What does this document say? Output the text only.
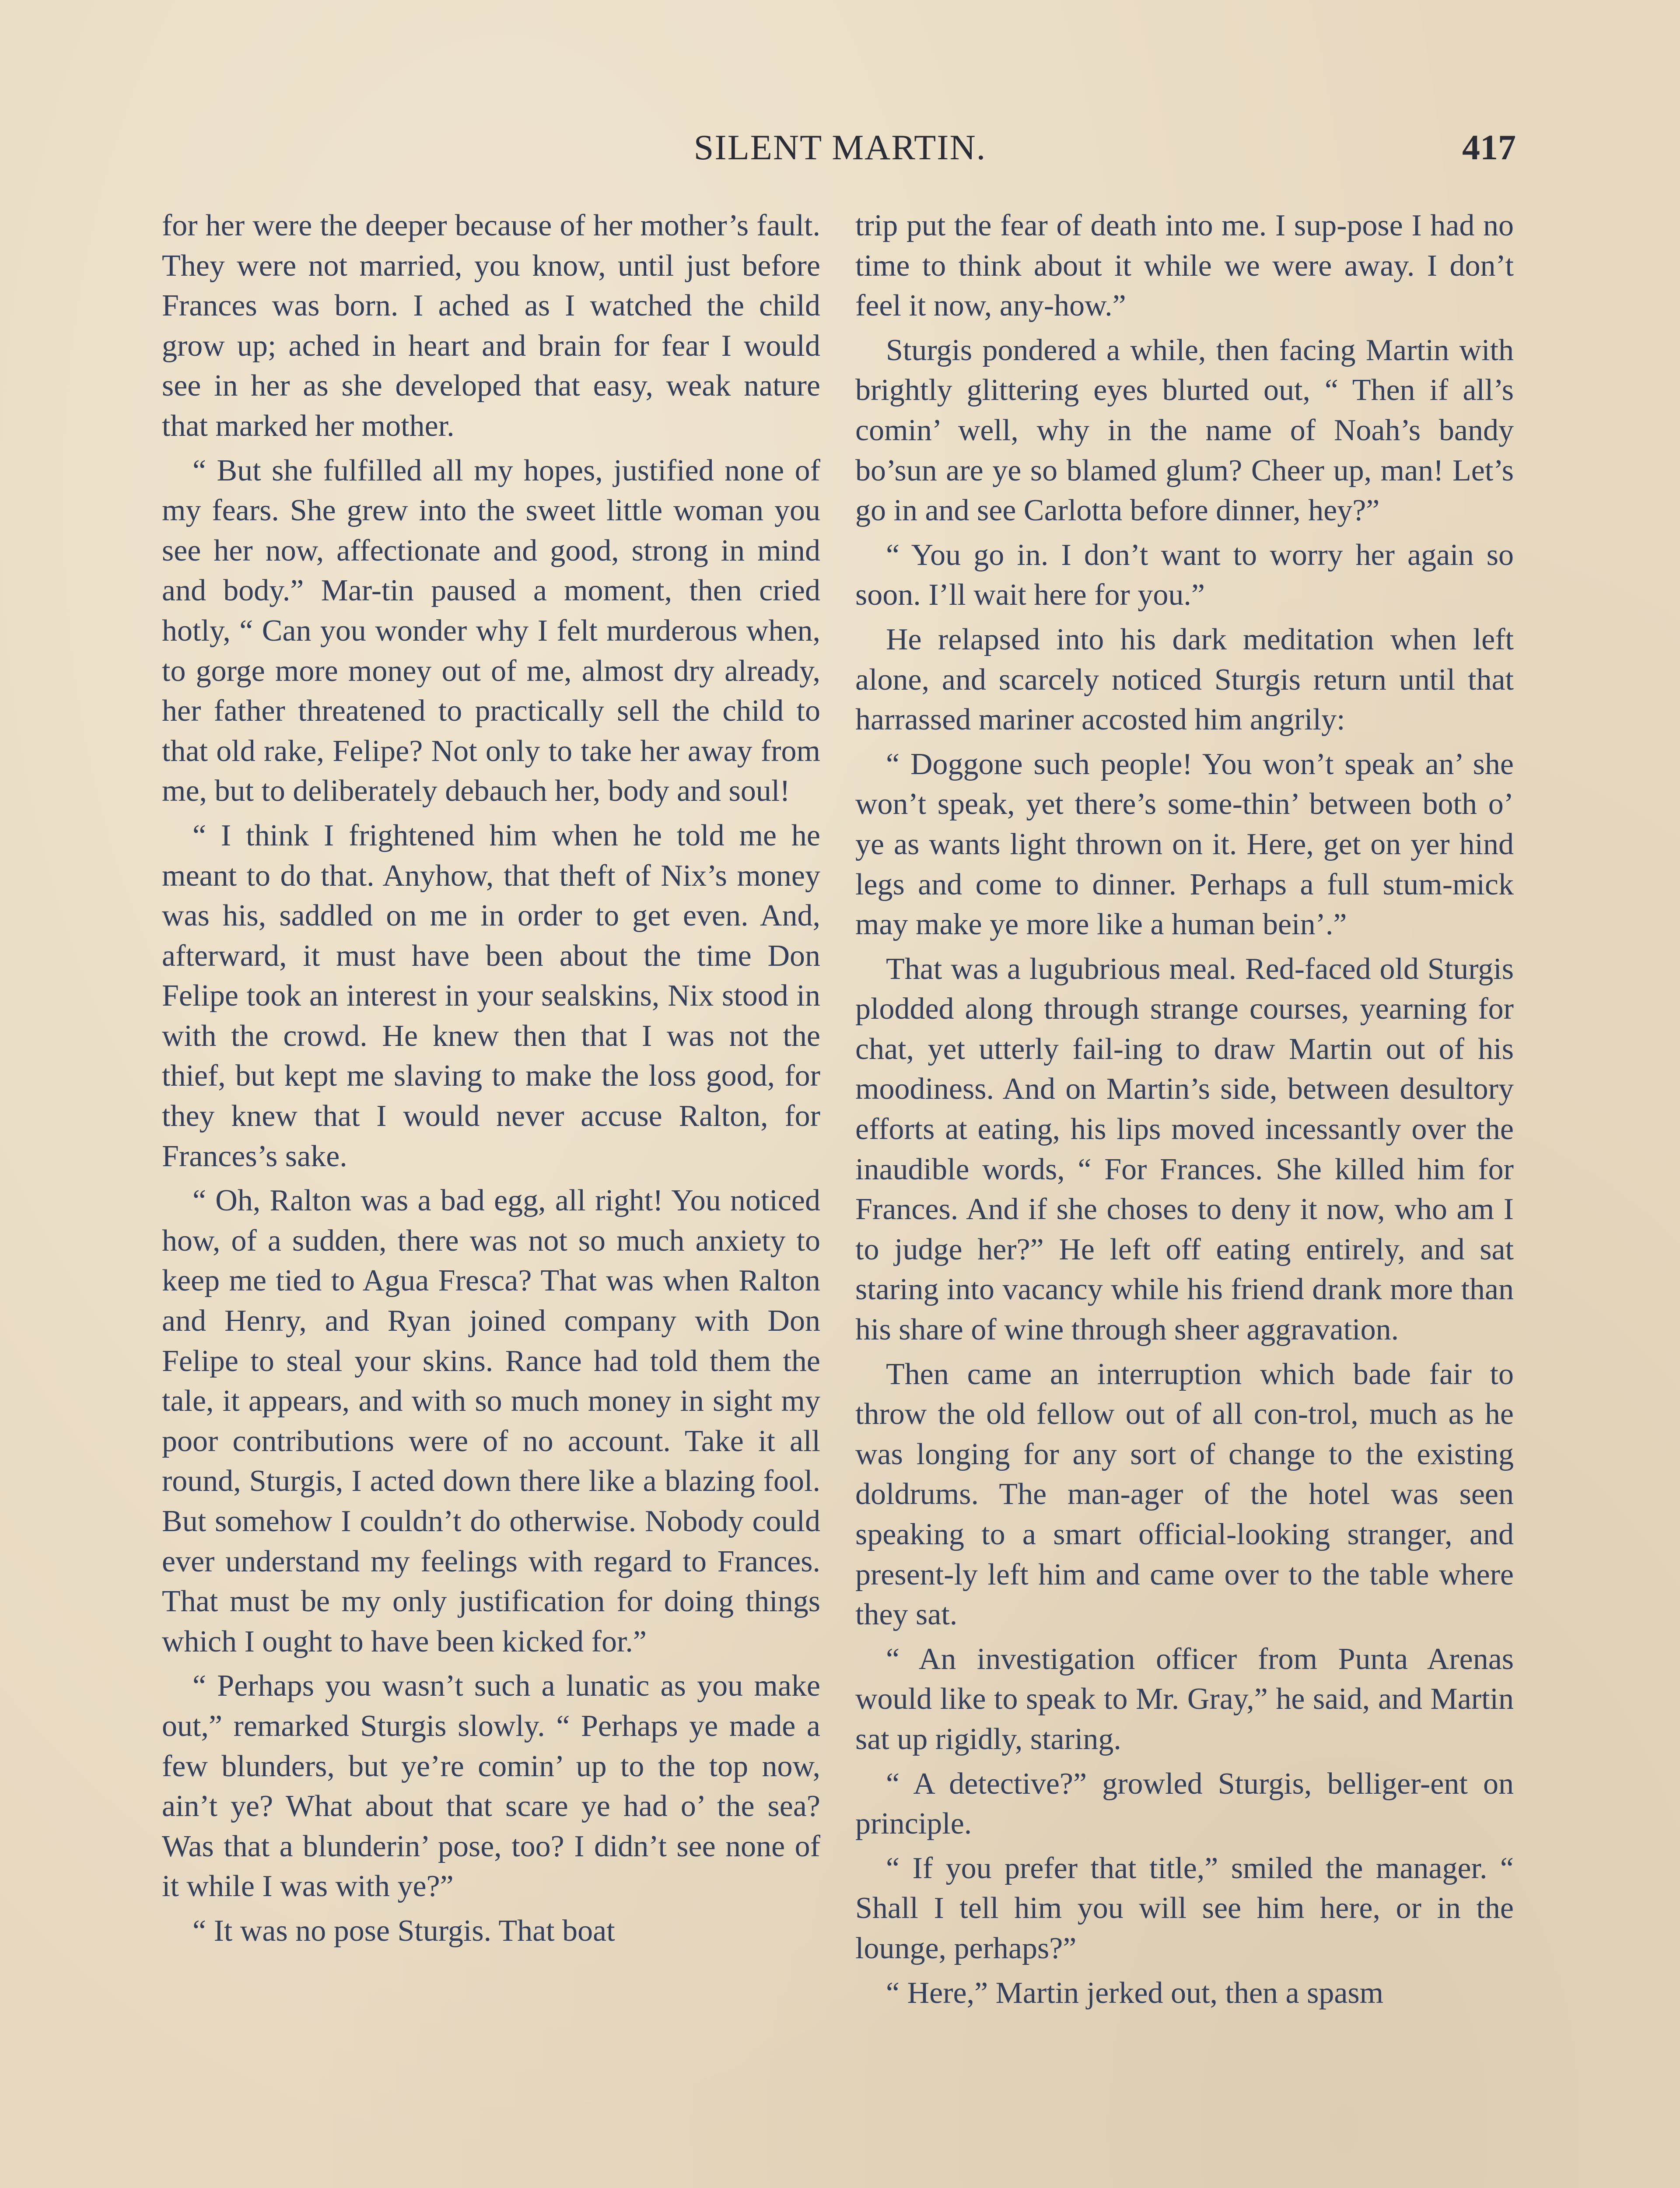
SILENT MARTIN.	417

for her were the deeper because of her mother’s fault. They were not married, you know, until just before Frances was born. I ached as I watched the child grow up; ached in heart and brain for fear I would see in her as she developed that easy, weak nature that marked her mother.

“ But she fulfilled all my hopes, justified none of my fears. She grew into the sweet little woman you see her now, affectionate and good, strong in mind and body.” Mar-tin paused a moment, then cried hotly, “ Can you wonder why I felt murderous when, to gorge more money out of me, almost dry already, her father threatened to practically sell the child to that old rake, Felipe? Not only to take her away from me, but to deliberately debauch her, body and soul!

“ I think I frightened him when he told me he meant to do that. Anyhow, that theft of Nix’s money was his, saddled on me in order to get even. And, afterward, it must have been about the time Don Felipe took an interest in your sealskins, Nix stood in with the crowd. He knew then that I was not the thief, but kept me slaving to make the loss good, for they knew that I would never accuse Ralton, for Frances’s sake.

“ Oh, Ralton was a bad egg, all right! You noticed how, of a sudden, there was not so much anxiety to keep me tied to Agua Fresca? That was when Ralton and Henry, and Ryan joined company with Don Felipe to steal your skins. Rance had told them the tale, it appears, and with so much money in sight my poor contributions were of no account. Take it all round, Sturgis, I acted down there like a blazing fool. But somehow I couldn’t do otherwise. Nobody could ever understand my feelings with regard to Frances. That must be my only justification for doing things which I ought to have been kicked for.”

“ Perhaps you wasn’t such a lunatic as you make out,” remarked Sturgis slowly. “ Perhaps ye made a few blunders, but ye’re comin’ up to the top now, ain’t ye? What about that scare ye had o’ the sea? Was that a blunderin’ pose, too? I didn’t see none of it while I was with ye?”

“ It was no pose Sturgis. That boat

trip put the fear of death into me. I sup-pose I had no time to think about it while we were away. I don’t feel it now, any-how.”

Sturgis pondered a while, then facing Martin with brightly glittering eyes blurted out, “ Then if all’s comin’ well, why in the name of Noah’s bandy bo’sun are ye so blamed glum? Cheer up, man! Let’s go in and see Carlotta before dinner, hey?”

“ You go in. I don’t want to worry her again so soon. I’ll wait here for you.”

He relapsed into his dark meditation when left alone, and scarcely noticed Sturgis return until that harrassed mariner accosted him angrily:

“ Doggone such people! You won’t speak an’ she won’t speak, yet there’s some-thin’ between both o’ ye as wants light thrown on it. Here, get on yer hind legs and come to dinner. Perhaps a full stum-mick may make ye more like a human bein’.”

That was a lugubrious meal. Red-faced old Sturgis plodded along through strange courses, yearning for chat, yet utterly fail-ing to draw Martin out of his moodiness. And on Martin’s side, between desultory efforts at eating, his lips moved incessantly over the inaudible words, “ For Frances. She killed him for Frances. And if she choses to deny it now, who am I to judge her?” He left off eating entirely, and sat staring into vacancy while his friend drank more than his share of wine through sheer aggravation.

Then came an interruption which bade fair to throw the old fellow out of all con-trol, much as he was longing for any sort of change to the existing doldrums. The man-ager of the hotel was seen speaking to a smart official-looking stranger, and present-ly left him and came over to the table where they sat.

“ An investigation officer from Punta Arenas would like to speak to Mr. Gray,” he said, and Martin sat up rigidly, staring.

“ A detective?” growled Sturgis, belliger-ent on principle.

“ If you prefer that title,” smiled the manager. “ Shall I tell him you will see him here, or in the lounge, perhaps?”

“ Here,” Martin jerked out, then a spasm
